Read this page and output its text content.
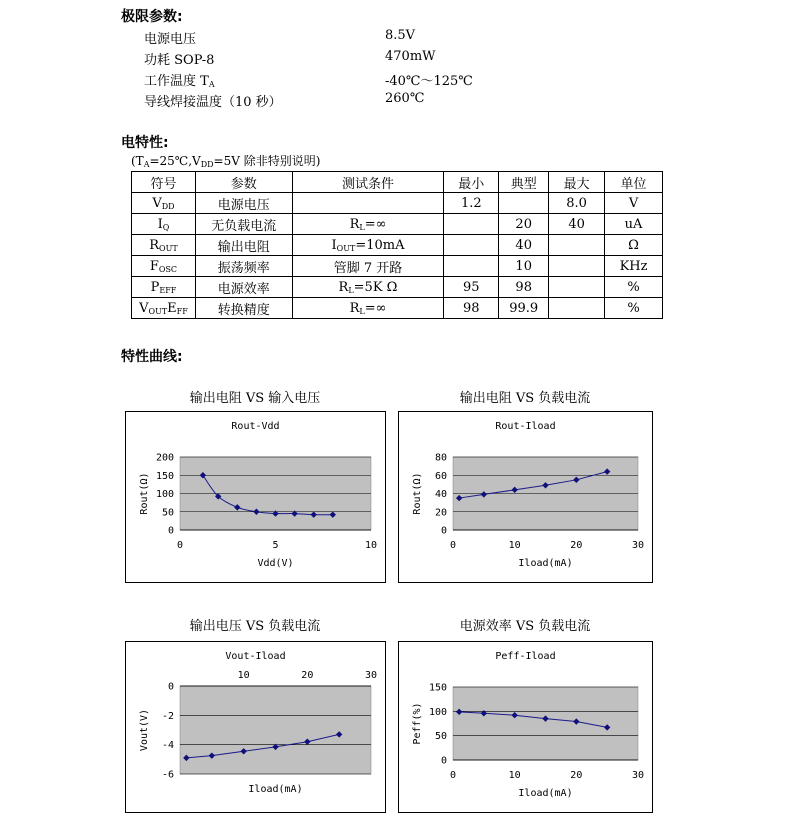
极限参数:
电源电压	8.5V
功耗 SOP-8	470mW
工作温度 $T_A$	-40℃～125℃
导线焊接温度（10 秒）	260℃
电特性:
($T_A=25℃,V_{DD}=5V$ 除非特别说明)
符号	参数	测试条件	最小	典型	最大	单位
$V_{DD}$	电源电压		1.2		8.0	V
$I_Q$	无负载电流	$R_L=\infty$		20	40	uA
$R_{OUT}$	输出电阻	$I_{OUT}=10mA$		40		Ω
$F_{OSC}$	振荡频率	管脚 7 开路		10		KHz
$P_{EFF}$	电源效率	$R_L=5K$ Ω	95	98		%
$V_{OUT}E_{FF}$	转换精度	$R_L=\infty$	98	99.9		%
特性曲线:
输出电阻 VS 输入电压	输出电阻 VS 负载电流
输出电压 VS 负载电流	电源效率 VS 负载电流
Rout-Vdd
0
50
100
150
200
0	5	10
Vdd(V)
Rout(Ω)
Rout-Iload
0
20
40
60
80
0	10	20	30
Iload(mA)
Rout(Ω)
Vout-Iload
0
-2
-4
-6
10	20	30
Iload(mA)
Vout(V)
Peff-Iload
0
50
100
150
0	10	20	30
Iload(mA)
Peff(%)
